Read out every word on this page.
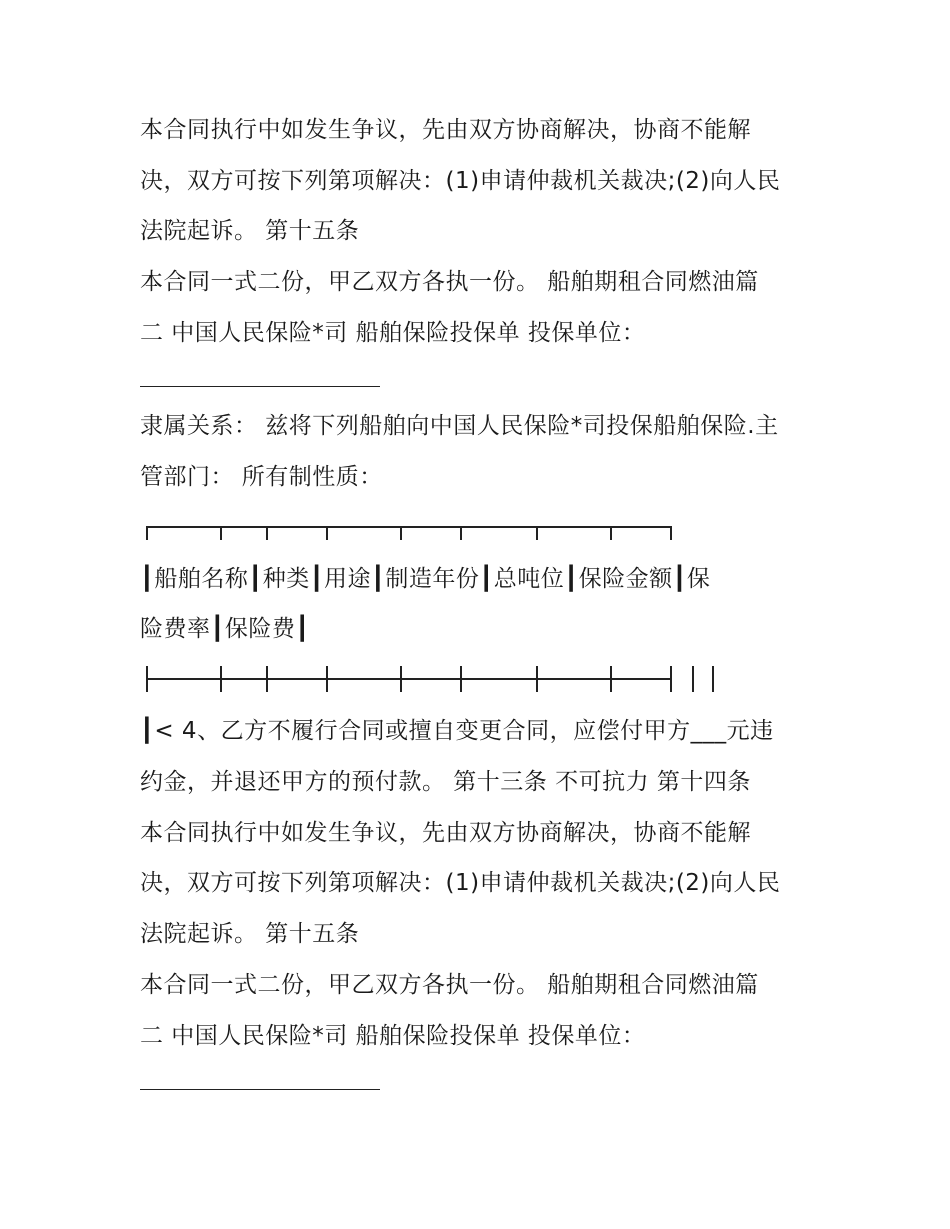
本合同执行中如发生争议，先由双方协商解决，协商不能解
决，双方可按下列第项解决：(1)申请仲裁机关裁决;(2)向人民
法院起诉。 第十五条
本合同一式二份，甲乙双方各执一份。 船舶期租合同燃油篇
二 中国人民保险*司 船舶保险投保单 投保单位：
隶属关系： 兹将下列船舶向中国人民保险*司投保船舶保险.主
管部门： 所有制性质：
┃船舶名称┃种类┃用途┃制造年份┃总吨位┃保险金额┃保
险费率┃保险费┃
┃< 4、乙方不履行合同或擅自变更合同，应偿付甲方___元违
约金，并退还甲方的预付款。 第十三条 不可抗力 第十四条
本合同执行中如发生争议，先由双方协商解决，协商不能解
决，双方可按下列第项解决：(1)申请仲裁机关裁决;(2)向人民
法院起诉。 第十五条
本合同一式二份，甲乙双方各执一份。 船舶期租合同燃油篇
二 中国人民保险*司 船舶保险投保单 投保单位：
